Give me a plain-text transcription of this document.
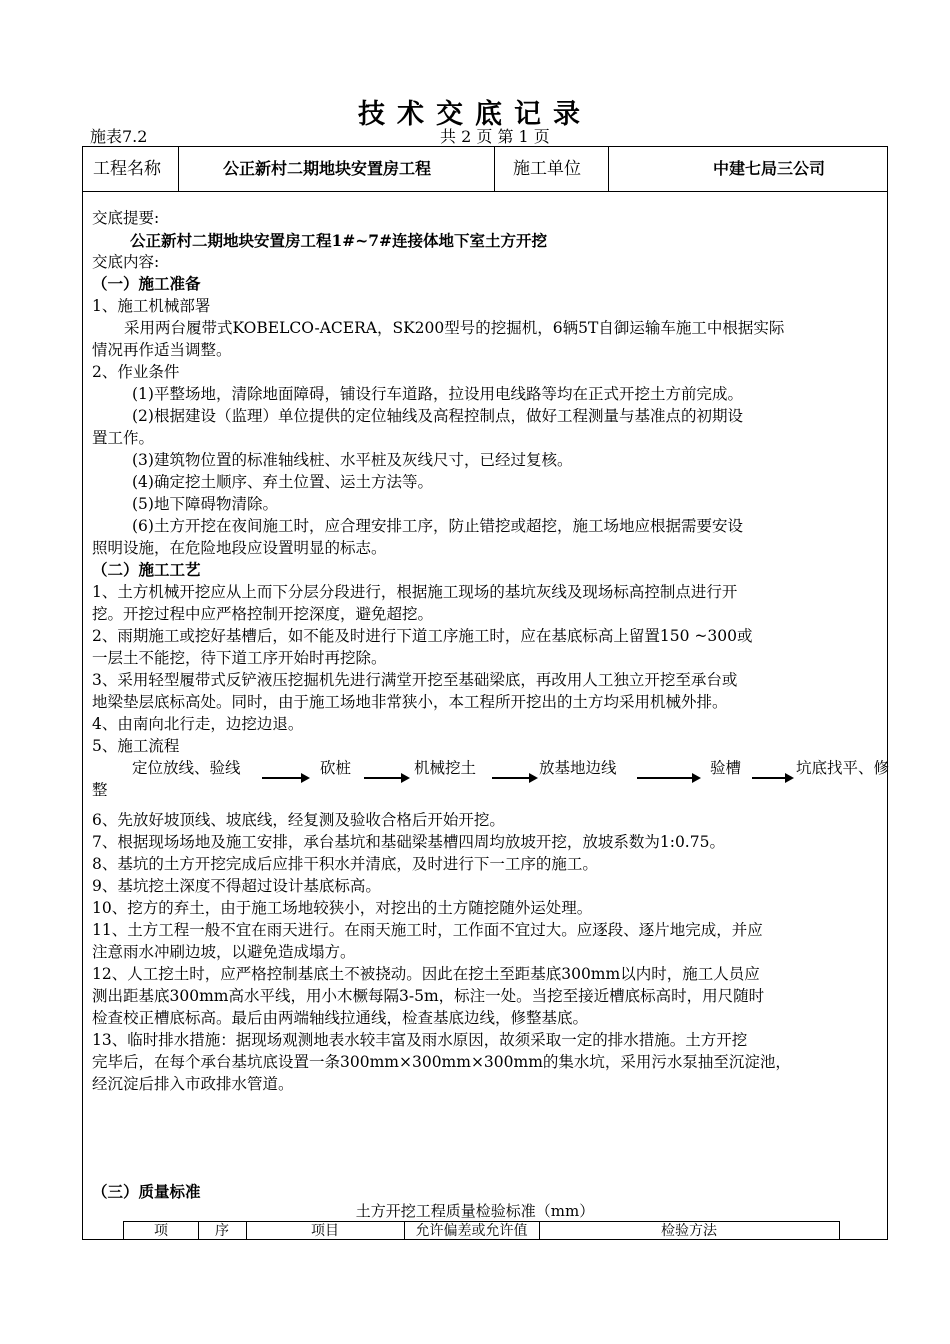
技术交底记录
施表7.2	共 2 页 第 1 页
工程名称	公正新村二期地块安置房工程	施工单位	中建七局三公司
交底提要:
公正新村二期地块安置房工程1#~7#连接体地下室土方开挖
交底内容:
（一）施工准备
1、施工机械部署
采用两台履带式KOBELCO-ACERA，SK200型号的挖掘机，6辆5T自御运输车施工中根据实际
情况再作适当调整。
2、作业条件
(1)平整场地，清除地面障碍，铺设行车道路，拉设用电线路等均在正式开挖土方前完成。
(2)根据建设（监理）单位提供的定位轴线及高程控制点，做好工程测量与基准点的初期设
置工作。
(3)建筑物位置的标准轴线桩、水平桩及灰线尺寸，已经过复核。
(4)确定挖土顺序、弃土位置、运土方法等。
(5)地下障碍物清除。
(6)土方开挖在夜间施工时，应合理安排工序，防止错挖或超挖，施工场地应根据需要安设
照明设施，在危险地段应设置明显的标志。
（二）施工工艺
1、土方机械开挖应从上而下分层分段进行，根据施工现场的基坑灰线及现场标高控制点进行开
挖。开挖过程中应严格控制开挖深度，避免超挖。
2、雨期施工或挖好基槽后，如不能及时进行下道工序施工时，应在基底标高上留置150 ~300或
一层土不能挖，待下道工序开始时再挖除。
3、采用轻型履带式反铲液压挖掘机先进行满堂开挖至基础梁底，再改用人工独立开挖至承台或
地梁垫层底标高处。同时，由于施工场地非常狭小，本工程所开挖出的土方均采用机械外排。
4、由南向北行走，边挖边退。
5、施工流程
定位放线、验线	砍桩	机械挖土	放基地边线	验槽	坑底找平、修
整
6、先放好坡顶线、坡底线，经复测及验收合格后开始开挖。
7、根据现场场地及施工安排，承台基坑和基础梁基槽四周均放坡开挖，放坡系数为1:0.75。
8、基坑的土方开挖完成后应排干积水并清底，及时进行下一工序的施工。
9、基坑挖土深度不得超过设计基底标高。
10、挖方的弃土，由于施工场地较狭小，对挖出的土方随挖随外运处理。
11、土方工程一般不宜在雨天进行。在雨天施工时，工作面不宜过大。应逐段、逐片地完成，并应
注意雨水冲刷边坡，以避免造成塌方。
12、人工挖土时，应严格控制基底土不被挠动。因此在挖土至距基底300mm以内时，施工人员应
测出距基底300mm高水平线，用小木橛每隔3-5m，标注一处。当挖至接近槽底标高时，用尺随时
检查校正槽底标高。最后由两端轴线拉通线，检查基底边线，修整基底。
13、临时排水措施：据现场观测地表水较丰富及雨水原因，故须采取一定的排水措施。土方开挖
完毕后，在每个承台基坑底设置一条300mm×300mm×300mm的集水坑，采用污水泵抽至沉淀池，
经沉淀后排入市政排水管道。
（三）质量标准
土方开挖工程质量检验标准（mm）
项	序	项目	允许偏差或允许值	检验方法
